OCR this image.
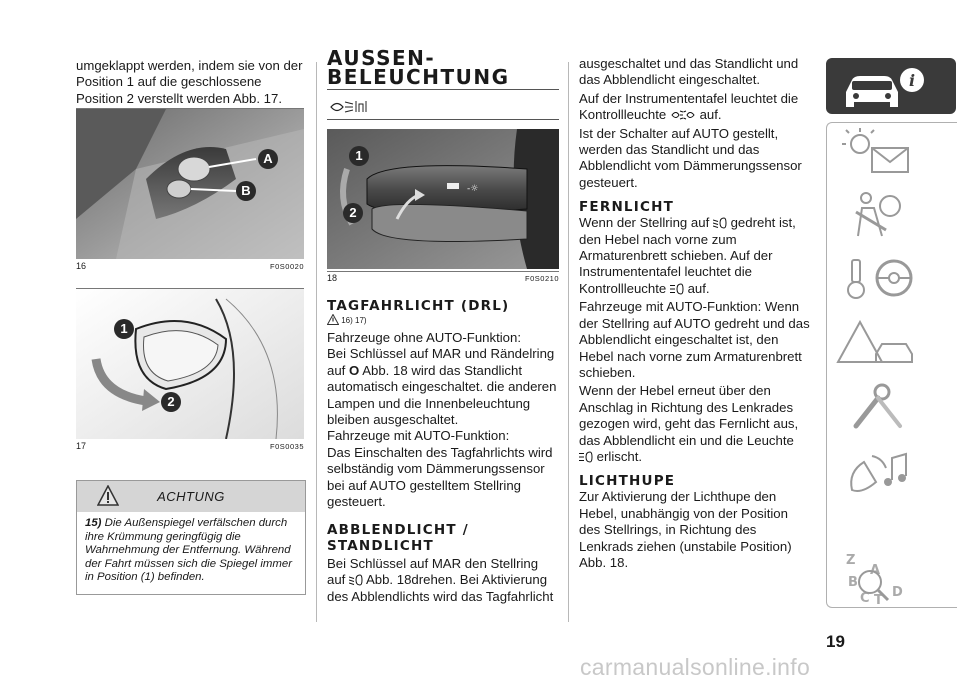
umgeklappt werden, indem sie von der Position 1 auf die geschlossene Position 2 verstellt werden Abb. 17.

A
B
16	F0S0020
1
2
17	F0S0035
ACHTUNG
15) Die Außenspiegel verfälschen durch ihre Krümmung geringfügig die Wahrnehmung der Entfernung. Während der Fahrt müssen sich die Spiegel immer in Position (1) befinden.
AUSSEN-
BELEUCHTUNG
-☼
1
2
18	F0S0210
TAGFAHRLICHT (DRL)
16) 17)

Fahrzeuge ohne AUTO-Funktion:

Bei Schlüssel auf MAR und Rändelring auf O Abb. 18 wird das Standlicht automatisch eingeschaltet. die anderen Lampen und die Innenbeleuchtung bleiben ausgeschaltet.

Fahrzeuge mit AUTO-Funktion:

Das Einschalten des Tagfahrlichts wird selbständig vom Dämmerungssensor bei auf AUTO gestelltem Stellring gesteuert.

ABBLENDLICHT /
STANDLICHT

Bei Schlüssel auf MAR den Stellring auf  Abb. 18drehen. Bei Aktivierung des Abblendlichts wird das Tagfahrlicht

ausgeschaltet und das Standlicht und das Abblendlicht eingeschaltet.

Auf der Instrumententafel leuchtet die Kontrollleuchte  auf.

Ist der Schalter auf AUTO gestellt, werden das Standlicht und das Abblendlicht vom Dämmerungssensor gesteuert.

FERNLICHT

Wenn der Stellring auf  gedreht ist, den Hebel nach vorne zum Armaturenbrett schieben. Auf der Instrumententafel leuchtet die Kontrollleuchte  auf.

Fahrzeuge mit AUTO-Funktion: Wenn der Stellring auf AUTO gedreht und das Abblendlicht eingeschaltet ist, den Hebel nach vorne zum Armaturenbrett schieben.

Wenn der Hebel erneut über den Anschlag in Richtung des Lenkrades gezogen wird, geht das Fernlicht aus, das Abblendlicht ein und die Leuchte
erlischt.

LICHTHUPE

Zur Aktivierung der Lichthupe den Hebel, unabhängig von der Position des Stellrings, in Richtung des Lenkrads ziehen (unstabile Position) Abb. 18.

i
Z
A
B
D
C T
19
carmanualsonline.info
